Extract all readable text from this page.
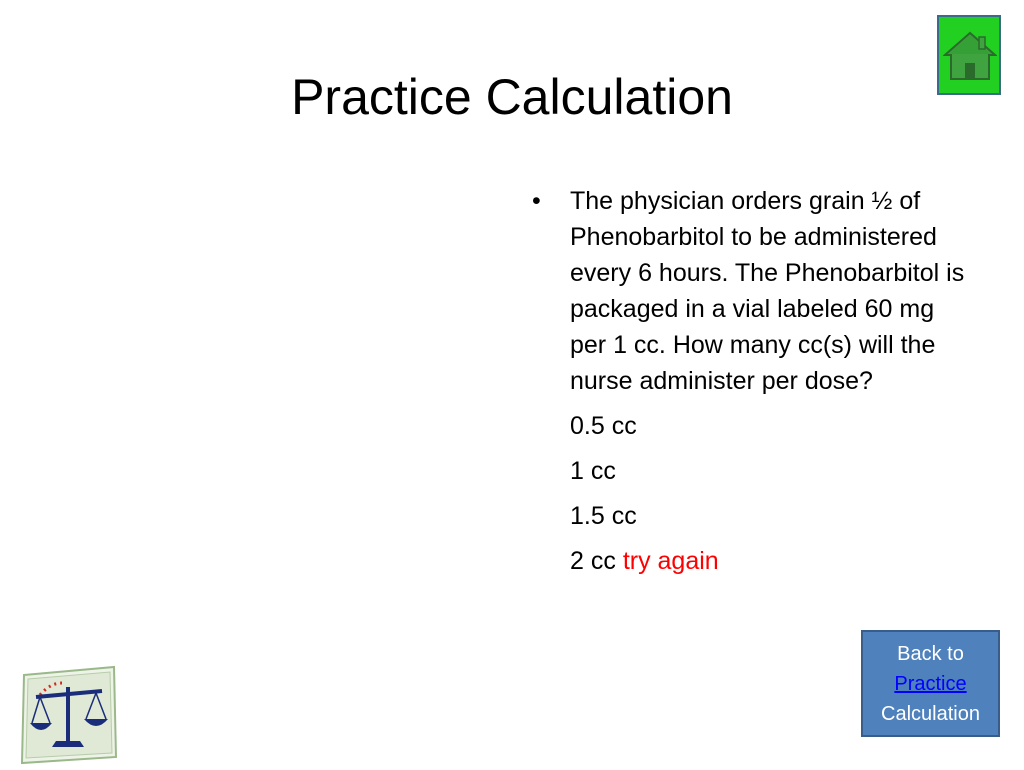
Practice Calculation
•	The physician orders grain ½ of Phenobarbitol to be administered every 6 hours. The Phenobarbitol is packaged in a vial labeled 60 mg per 1 cc. How many cc(s) will the nurse administer per dose?
0.5 cc
1 cc
1.5 cc
2 cc try again
Back to
Practice
Calculation
